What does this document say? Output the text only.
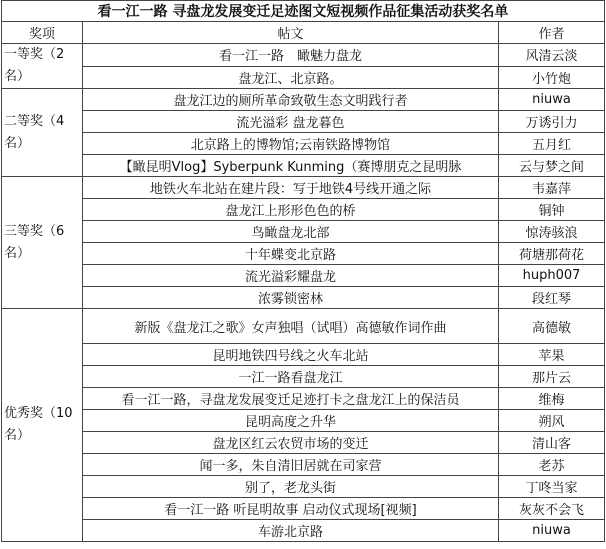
看一江一路 寻盘龙发展变迁足迹图文短视频作品征集活动获奖名单		
奖项	帖文	作者
一等奖（2名）	看一江一路　瞰魅力盘龙	风清云淡
	盘龙江、北京路。	小竹炮
二等奖（4名）	盘龙江边的厕所革命致敬生态文明践行者	niuwa
	流光溢彩 盘龙暮色	万诱引力
	北京路上的博物馆;云南铁路博物馆	五月红
	【瞰昆明Vlog】Syberpunk Kunming（赛博朋克之昆明脉	云与梦之间
三等奖（6名）	地铁火车北站在建片段：写于地铁4号线开通之际	韦嘉萍
	盘龙江上形形色色的桥	铜钟
	鸟瞰盘龙北部	惊涛骇浪
	十年蝶变北京路	荷塘那荷花
	流光溢彩耀盘龙	huph007
	浓雾锁密林	段红琴
优秀奖（10名）	新版《盘龙江之歌》女声独唱（试唱）高德敏作词作曲	高德敏
	昆明地铁四号线之火车北站	苹果
	一江一路看盘龙江	那片云
	看一江一路，寻盘龙发展变迁足迹打卡之盘龙江上的保洁员	维梅
	昆明高度之升华	朔风
	盘龙区红云农贸市场的变迁	清山客
	闻一多，朱自清旧居就在司家营	老苏
	别了，老龙头街	丁咚当家
	看一江一路 听昆明故事 启动仪式现场[视频]	灰灰不会飞
	车游北京路	niuwa
